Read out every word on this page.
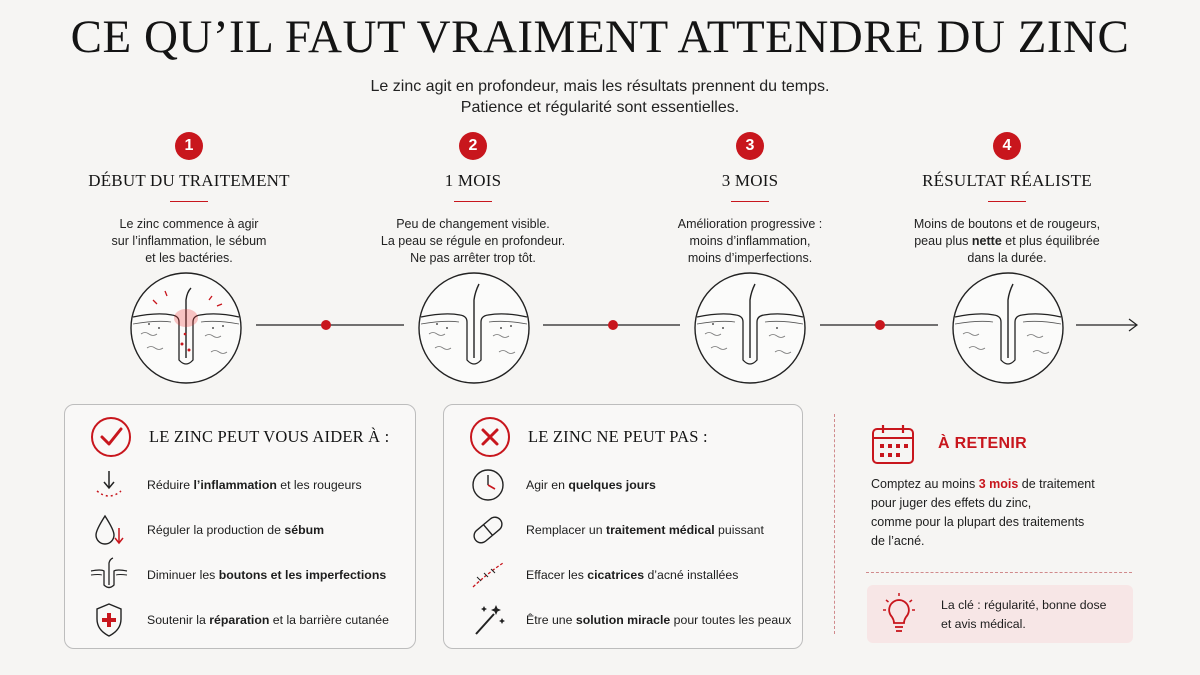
CE QU’IL FAUT VRAIMENT ATTENDRE DU ZINC
Le zinc agit en profondeur, mais les résultats prennent du temps.
Patience et régularité sont essentielles.
1
DÉBUT DU TRAITEMENT
Le zinc commence à agir
sur l’inflammation, le sébum
et les bactéries.
2
1 MOIS
Peu de changement visible.
La peau se régule en profondeur.
Ne pas arrêter trop tôt.
3
3 MOIS
Amélioration progressive :
moins d’inflammation,
moins d’imperfections.
4
RÉSULTAT RÉALISTE
Moins de boutons et de rougeurs,
peau plus nette et plus équilibrée
dans la durée.
LE ZINC PEUT VOUS AIDER À :
Réduire l’inflammation et les rougeurs
Réguler la production de sébum
Diminuer les boutons et les imperfections
Soutenir la réparation et la barrière cutanée
LE ZINC NE PEUT PAS :
Agir en quelques jours
Remplacer un traitement médical puissant
Effacer les cicatrices d’acné installées
Être une solution miracle pour toutes les peaux
À RETENIR
Comptez au moins 3 mois de traitement
pour juger des effets du zinc,
comme pour la plupart des traitements
de l’acné.
La clé : régularité, bonne dose
et avis médical.
